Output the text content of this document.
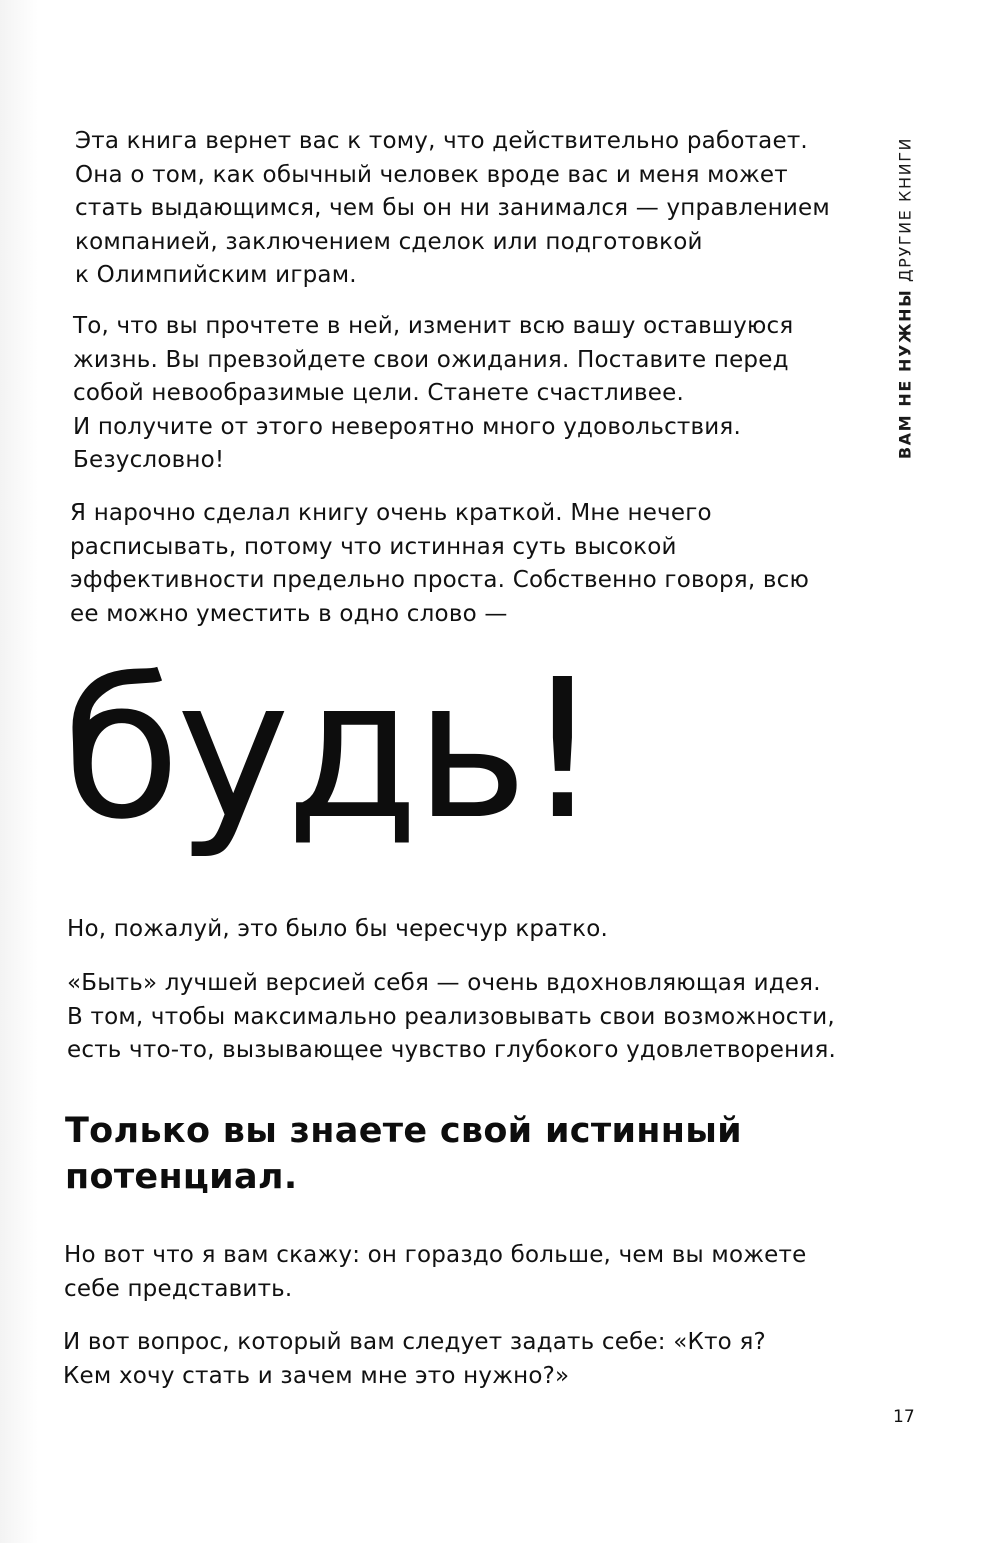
ВАМ НЕ НУЖНЫ ДРУГИЕ КНИГИ

Эта книга вернет вас к тому, что действительно работает.
Она о том, как обычный человек вроде вас и меня может
стать выдающимся, чем бы он ни занимался — управлением
компанией, заключением сделок или подготовкой
к Олимпийским играм.

То, что вы прочтете в ней, изменит всю вашу оставшуюся
жизнь. Вы превзойдете свои ожидания. Поставите перед
собой невообразимые цели. Станете счастливее.
И получите от этого невероятно много удовольствия.
Безусловно!

Я нарочно сделал книгу очень краткой. Мне нечего
расписывать, потому что истинная суть высокой
эффективности предельно проста. Собственно говоря, всю
ее можно уместить в одно слово —

будь!

Но, пожалуй, это было бы чересчур кратко.

«Быть» лучшей версией себя — очень вдохновляющая идея.
В том, чтобы максимально реализовывать свои возможности,
есть что-то, вызывающее чувство глубокого удовлетворения.

Только вы знаете свой истинный
потенциал.

Но вот что я вам скажу: он гораздо больше, чем вы можете
себе представить.

И вот вопрос, который вам следует задать себе: «Кто я?
Кем хочу стать и зачем мне это нужно?»

17
